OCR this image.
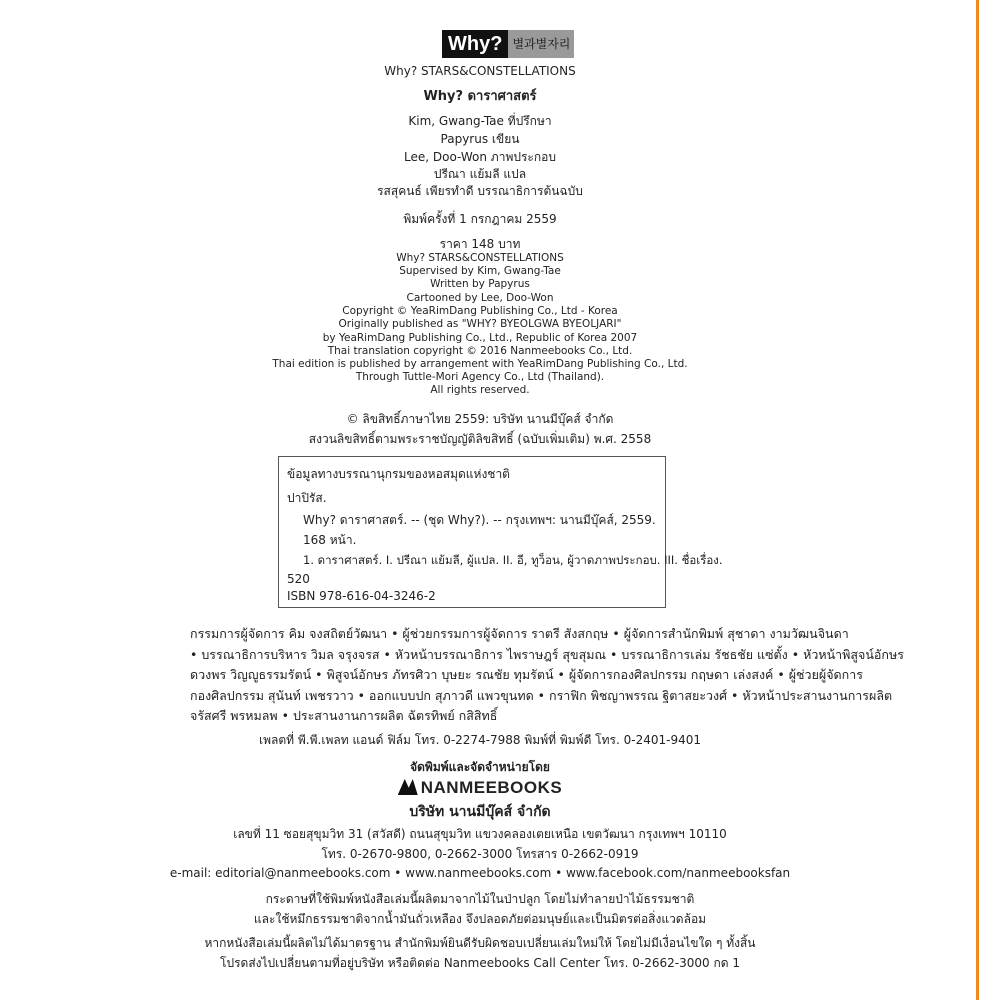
Why? 별과별자리
Why? STARS&CONSTELLATIONS
Why? ดาราศาสตร์
Kim, Gwang-Tae ที่ปรึกษา
Papyrus เขียน
Lee, Doo-Won ภาพประกอบ
ปรีณา แย้มลี แปล
รสสุคนธ์ เพียรทำดี บรรณาธิการต้นฉบับ
พิมพ์ครั้งที่ 1 กรกฎาคม 2559
ราคา 148 บาท
Why? STARS&CONSTELLATIONS
Supervised by Kim, Gwang-Tae
Written by Papyrus
Cartooned by Lee, Doo-Won
Copyright © YeaRimDang Publishing Co., Ltd - Korea
Originally published as "WHY? BYEOLGWA BYEOLJARI"
by YeaRimDang Publishing Co., Ltd., Republic of Korea 2007
Thai translation copyright © 2016 Nanmeebooks Co., Ltd.
Thai edition is published by arrangement with YeaRimDang Publishing Co., Ltd.
Through Tuttle-Mori Agency Co., Ltd (Thailand).
All rights reserved.
© ลิขสิทธิ์ภาษาไทย 2559: บริษัท นานมีบุ๊คส์ จำกัด
สงวนลิขสิทธิ์ตามพระราชบัญญัติลิขสิทธิ์ (ฉบับเพิ่มเติม) พ.ศ. 2558
ข้อมูลทางบรรณานุกรมของหอสมุดแห่งชาติ
ปาปิรัส.
Why? ดาราศาสตร์. -- (ชุด Why?). -- กรุงเทพฯ: นานมีบุ๊คส์, 2559.
168 หน้า.
1. ดาราศาสตร์. I. ปรีณา แย้มลี, ผู้แปล. II. อี, ทูว็อน, ผู้วาดภาพประกอบ. III. ชื่อเรื่อง.
520
ISBN 978-616-04-3246-2
กรรมการผู้จัดการ คิม จงสถิตย์วัฒนา • ผู้ช่วยกรรมการผู้จัดการ ราตรี สังสกฤษ • ผู้จัดการสำนักพิมพ์ สุชาดา งามวัฒนจินดา
• บรรณาธิการบริหาร วิมล จรุงจรส • หัวหน้าบรรณาธิการ ไพราษฎร์ สุขสุมณ • บรรณาธิการเล่ม รัชธชัย แซ่ตั้ง • หัวหน้าพิสูจน์อักษร
ดวงพร วิญญูธรรมรัตน์ • พิสูจน์อักษร ภัทรศิวา บุษยะ รณชัย ทุมรัตน์ • ผู้จัดการกองศิลปกรรม กฤษดา เล่งสงค์ • ผู้ช่วยผู้จัดการ
กองศิลปกรรม สุนันท์ เพชรวาว • ออกแบบปก สุภาวดี แพวขุนทด • กราฟิก พิชญาพรรณ ฐิตาสยะวงศ์ • หัวหน้าประสานงานการผลิต
จรัสศรี พรหมลพ • ประสานงานการผลิต ฉัตรทิพย์ กสิสิทธิ์
เพลตที่ พี.พี.เพลท แอนด์ ฟิล์ม โทร. 0-2274-7988 พิมพ์ที่ พิมพ์ดี โทร. 0-2401-9401
จัดพิมพ์และจัดจำหน่ายโดย
NANMEEBOOKS
บริษัท นานมีบุ๊คส์ จำกัด
เลขที่ 11 ซอยสุขุมวิท 31 (สวัสดี) ถนนสุขุมวิท แขวงคลองเตยเหนือ เขตวัฒนา กรุงเทพฯ 10110
โทร. 0-2670-9800, 0-2662-3000 โทรสาร 0-2662-0919
e-mail: editorial@nanmeebooks.com • www.nanmeebooks.com • www.facebook.com/nanmeebooksfan
กระดาษที่ใช้พิมพ์หนังสือเล่มนี้ผลิตมาจากไม้ในป่าปลูก โดยไม่ทำลายป่าไม้ธรรมชาติ
และใช้หมึกธรรมชาติจากน้ำมันถั่วเหลือง จึงปลอดภัยต่อมนุษย์และเป็นมิตรต่อสิ่งแวดล้อม
หากหนังสือเล่มนี้ผลิตไม่ได้มาตรฐาน สำนักพิมพ์ยินดีรับผิดชอบเปลี่ยนเล่มใหม่ให้ โดยไม่มีเงื่อนไขใด ๆ ทั้งสิ้น
โปรดส่งไปเปลี่ยนตามที่อยู่บริษัท หรือติดต่อ Nanmeebooks Call Center โทร. 0-2662-3000 กด 1
